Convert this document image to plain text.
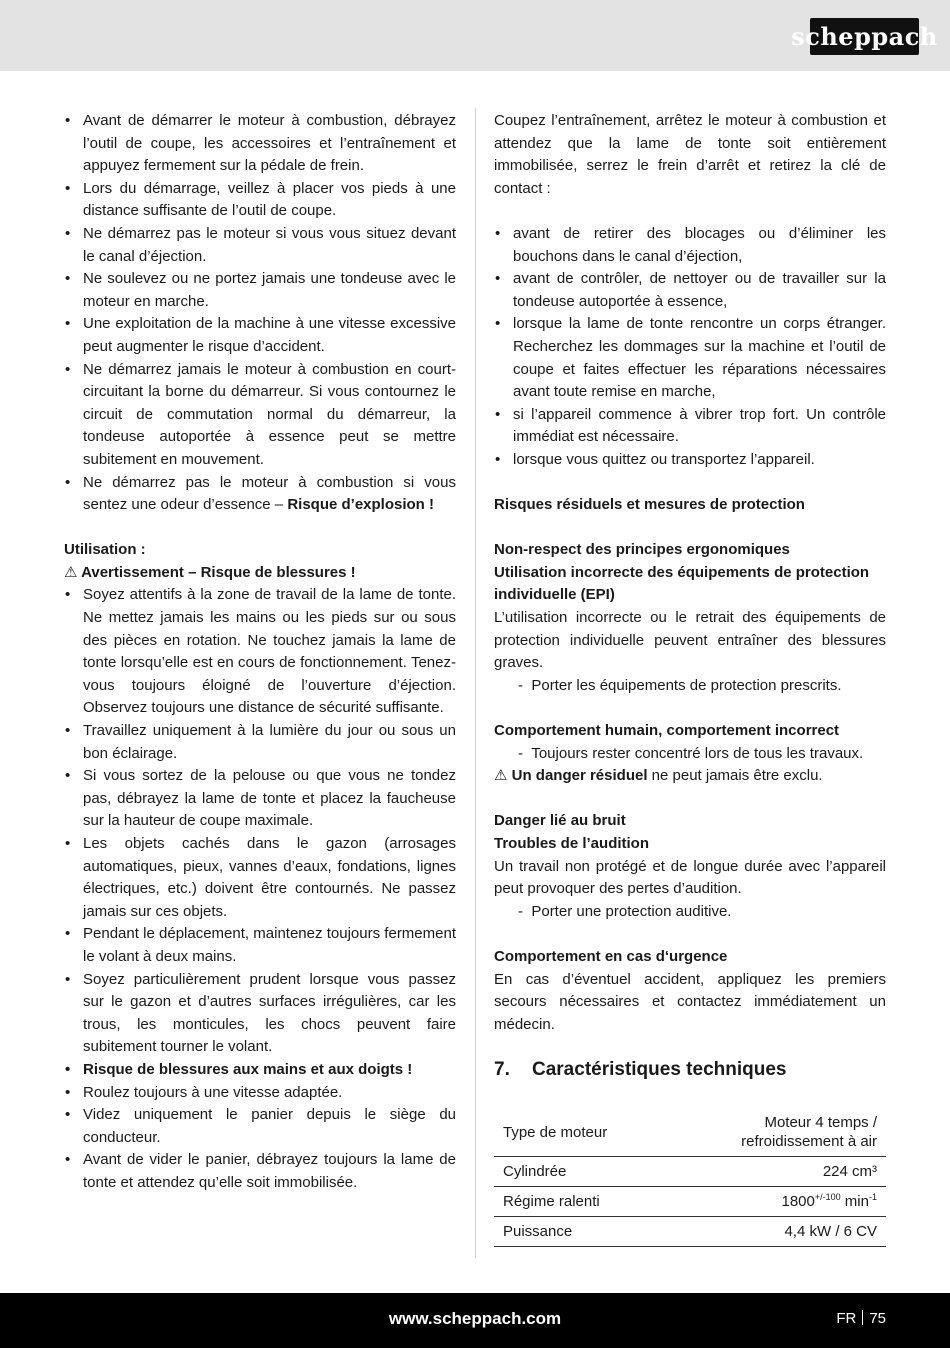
scheppach
• Avant de démarrer le moteur à combustion, débrayez l’outil de coupe, les accessoires et l’entraînement et appuyez fermement sur la pédale de frein.
• Lors du démarrage, veillez à placer vos pieds à une distance suffisante de l’outil de coupe.
• Ne démarrez pas le moteur si vous vous situez devant le canal d’éjection.
• Ne soulevez ou ne portez jamais une tondeuse avec le moteur en marche.
• Une exploitation de la machine à une vitesse excessive peut augmenter le risque d’accident.
• Ne démarrez jamais le moteur à combustion en court-circuitant la borne du démarreur. Si vous contournez le circuit de commutation normal du démarreur, la tondeuse autoportée à essence peut se mettre subitement en mouvement.
• Ne démarrez pas le moteur à combustion si vous sentez une odeur d’essence – Risque d’explosion !

Utilisation :

⚠ Avertissement – Risque de blessures !

• Soyez attentifs à la zone de travail de la lame de tonte. Ne mettez jamais les mains ou les pieds sur ou sous des pièces en rotation. Ne touchez jamais la lame de tonte lorsqu’elle est en cours de fonctionnement. Tenez-vous toujours éloigné de l’ouverture d’éjection. Observez toujours une distance de sécurité suffisante.
• Travaillez uniquement à la lumière du jour ou sous un bon éclairage.
• Si vous sortez de la pelouse ou que vous ne tondez pas, débrayez la lame de tonte et placez la faucheuse sur la hauteur de coupe maximale.
• Les objets cachés dans le gazon (arrosages automatiques, pieux, vannes d’eaux, fondations, lignes électriques, etc.) doivent être contournés. Ne passez jamais sur ces objets.
• Pendant le déplacement, maintenez toujours fermement le volant à deux mains.
• Soyez particulièrement prudent lorsque vous passez sur le gazon et d’autres surfaces irrégulières, car les trous, les monticules, les chocs peuvent faire subitement tourner le volant.
• Risque de blessures aux mains et aux doigts !
• Roulez toujours à une vitesse adaptée.
• Videz uniquement le panier depuis le siège du conducteur.
• Avant de vider le panier, débrayez toujours la lame de tonte et attendez qu’elle soit immobilisée.

Coupez l’entraînement, arrêtez le moteur à combustion et attendez que la lame de tonte soit entièrement immobilisée, serrez le frein d’arrêt et retirez la clé de contact :

• avant de retirer des blocages ou d’éliminer les bouchons dans le canal d’éjection,
• avant de contrôler, de nettoyer ou de travailler sur la tondeuse autoportée à essence,
• lorsque la lame de tonte rencontre un corps étranger. Recherchez les dommages sur la machine et l’outil de coupe et faites effectuer les réparations nécessaires avant toute remise en marche,
• si l’appareil commence à vibrer trop fort. Un contrôle immédiat est nécessaire.
• lorsque vous quittez ou transportez l’appareil.

Risques résiduels et mesures de protection

Non-respect des principes ergonomiques

Utilisation incorrecte des équipements de protection individuelle (EPI)

L’utilisation incorrecte ou le retrait des équipements de protection individuelle peuvent entraîner des blessures graves.

-  Porter les équipements de protection prescrits.

Comportement humain, comportement incorrect

-  Toujours rester concentré lors de tous les travaux.

⚠ Un danger résiduel ne peut jamais être exclu.

Danger lié au bruit

Troubles de l’audition

Un travail non protégé et de longue durée avec l’appareil peut provoquer des pertes d’audition.

-  Porter une protection auditive.

Comportement en cas d‘urgence

En cas d’éventuel accident, appliquez les premiers secours nécessaires et contactez immédiatement un médecin.

7. Caractéristiques techniques

Type de moteur	Moteur 4 temps /
refroidissement à air
Cylindrée	224 cm³
Régime ralenti	$1800^{+/-100}$ $\min^{-1}$
Puissance	4,4 kW / 6 CV
www.scheppach.com	FR 75
